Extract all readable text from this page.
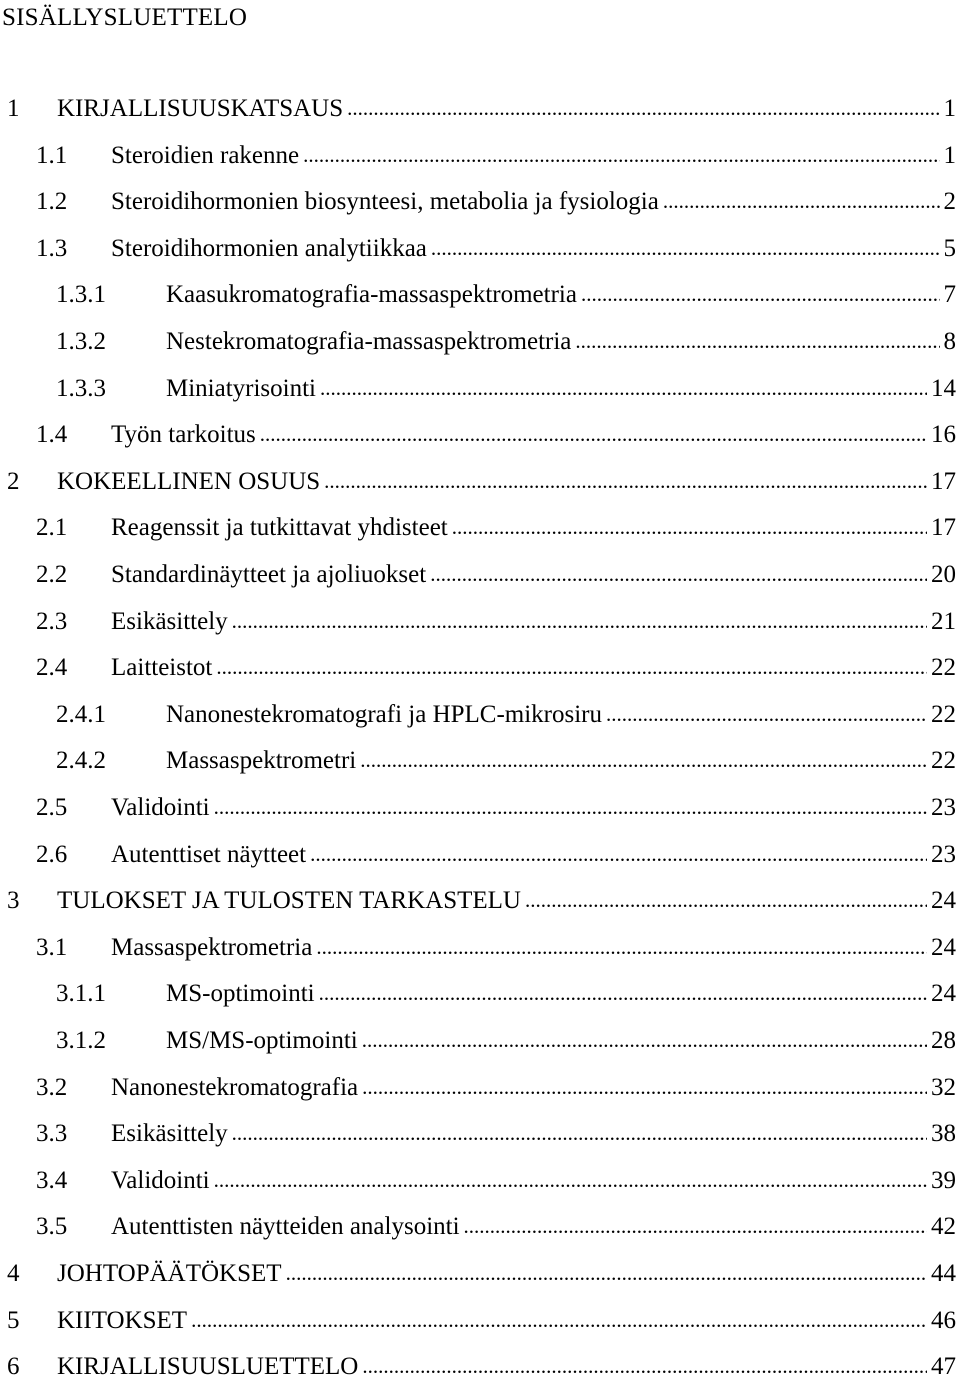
SISÄLLYSLUETTELO
1	KIRJALLISUUSKATSAUS .....	1
1.1	Steroidien rakenne .....	1
1.2	Steroidihormonien biosynteesi, metabolia ja fysiologia .....	2
1.3	Steroidihormonien analytiikkaa .....	5
1.3.1	Kaasukromatografia-massaspektrometria .....	7
1.3.2	Nestekromatografia-massaspektrometria .....	8
1.3.3	Miniatyrisointi .....	14
1.4	Työn tarkoitus .....	16
2	KOKEELLINEN OSUUS .....	17
2.1	Reagenssit ja tutkittavat yhdisteet .....	17
2.2	Standardinäytteet ja ajoliuokset .....	20
2.3	Esikäsittely .....	21
2.4	Laitteistot .....	22
2.4.1	Nanonestekromatografi ja HPLC-mikrosiru .....	22
2.4.2	Massaspektrometri .....	22
2.5	Validointi .....	23
2.6	Autenttiset näytteet .....	23
3	TULOKSET JA TULOSTEN TARKASTELU .....	24
3.1	Massaspektrometria .....	24
3.1.1	MS-optimointi .....	24
3.1.2	MS/MS-optimointi .....	28
3.2	Nanonestekromatografia .....	32
3.3	Esikäsittely .....	38
3.4	Validointi .....	39
3.5	Autenttisten näytteiden analysointi .....	42
4	JOHTOPÄÄTÖKSET .....	44
5	KIITOKSET .....	46
6	KIRJALLISUUSLUETTELO .....	47
